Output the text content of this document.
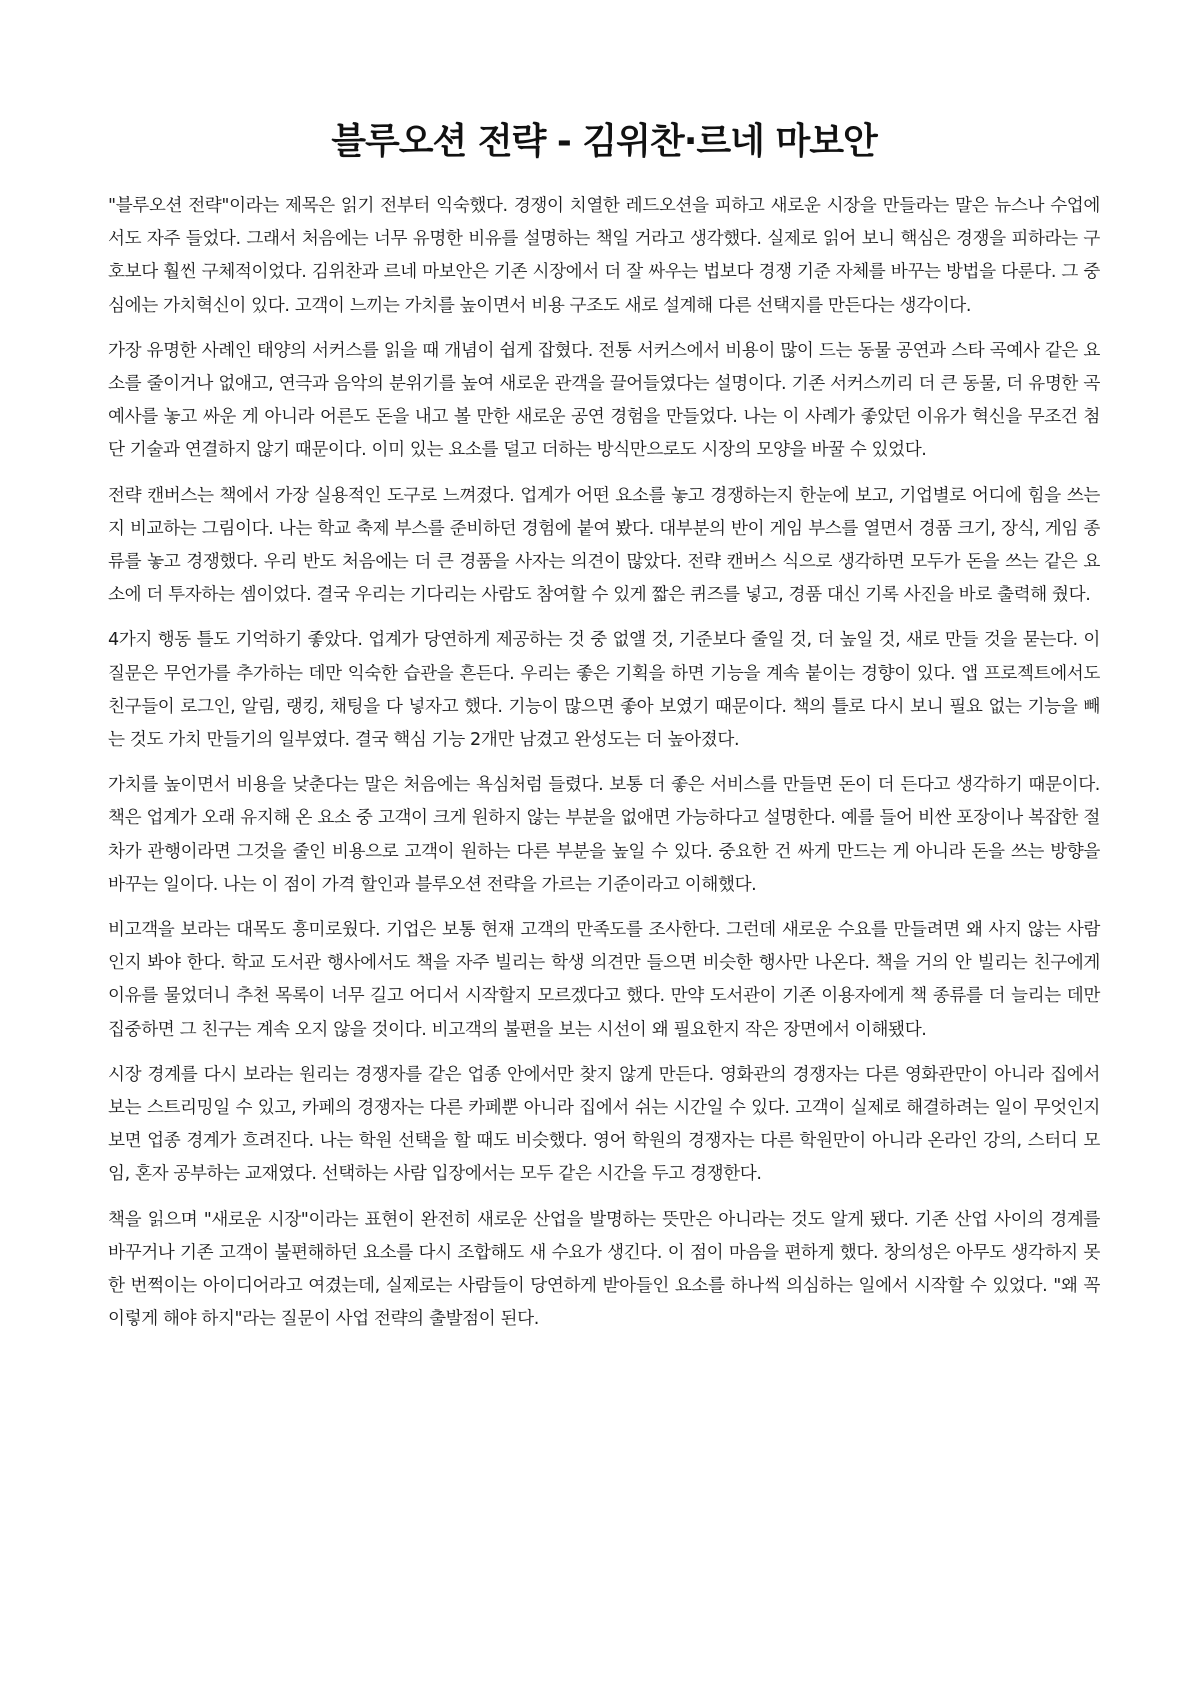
블루오션 전략 - 김위찬·르네 마보안

"블루오션 전략"이라는 제목은 읽기 전부터 익숙했다. 경쟁이 치열한 레드오션을 피하고 새로운 시장을 만들라는 말은 뉴스나 수업에서도 자주 들었다. 그래서 처음에는 너무 유명한 비유를 설명하는 책일 거라고 생각했다. 실제로 읽어 보니 핵심은 경쟁을 피하라는 구호보다 훨씬 구체적이었다. 김위찬과 르네 마보안은 기존 시장에서 더 잘 싸우는 법보다 경쟁 기준 자체를 바꾸는 방법을 다룬다. 그 중심에는 가치혁신이 있다. 고객이 느끼는 가치를 높이면서 비용 구조도 새로 설계해 다른 선택지를 만든다는 생각이다.

가장 유명한 사례인 태양의 서커스를 읽을 때 개념이 쉽게 잡혔다. 전통 서커스에서 비용이 많이 드는 동물 공연과 스타 곡예사 같은 요소를 줄이거나 없애고, 연극과 음악의 분위기를 높여 새로운 관객을 끌어들였다는 설명이다. 기존 서커스끼리 더 큰 동물, 더 유명한 곡예사를 놓고 싸운 게 아니라 어른도 돈을 내고 볼 만한 새로운 공연 경험을 만들었다. 나는 이 사례가 좋았던 이유가 혁신을 무조건 첨단 기술과 연결하지 않기 때문이다. 이미 있는 요소를 덜고 더하는 방식만으로도 시장의 모양을 바꿀 수 있었다.

전략 캔버스는 책에서 가장 실용적인 도구로 느껴졌다. 업계가 어떤 요소를 놓고 경쟁하는지 한눈에 보고, 기업별로 어디에 힘을 쓰는지 비교하는 그림이다. 나는 학교 축제 부스를 준비하던 경험에 붙여 봤다. 대부분의 반이 게임 부스를 열면서 경품 크기, 장식, 게임 종류를 놓고 경쟁했다. 우리 반도 처음에는 더 큰 경품을 사자는 의견이 많았다. 전략 캔버스 식으로 생각하면 모두가 돈을 쓰는 같은 요소에 더 투자하는 셈이었다. 결국 우리는 기다리는 사람도 참여할 수 있게 짧은 퀴즈를 넣고, 경품 대신 기록 사진을 바로 출력해 줬다.

4가지 행동 틀도 기억하기 좋았다. 업계가 당연하게 제공하는 것 중 없앨 것, 기준보다 줄일 것, 더 높일 것, 새로 만들 것을 묻는다. 이 질문은 무언가를 추가하는 데만 익숙한 습관을 흔든다. 우리는 좋은 기획을 하면 기능을 계속 붙이는 경향이 있다. 앱 프로젝트에서도 친구들이 로그인, 알림, 랭킹, 채팅을 다 넣자고 했다. 기능이 많으면 좋아 보였기 때문이다. 책의 틀로 다시 보니 필요 없는 기능을 빼는 것도 가치 만들기의 일부였다. 결국 핵심 기능 2개만 남겼고 완성도는 더 높아졌다.

가치를 높이면서 비용을 낮춘다는 말은 처음에는 욕심처럼 들렸다. 보통 더 좋은 서비스를 만들면 돈이 더 든다고 생각하기 때문이다. 책은 업계가 오래 유지해 온 요소 중 고객이 크게 원하지 않는 부분을 없애면 가능하다고 설명한다. 예를 들어 비싼 포장이나 복잡한 절차가 관행이라면 그것을 줄인 비용으로 고객이 원하는 다른 부분을 높일 수 있다. 중요한 건 싸게 만드는 게 아니라 돈을 쓰는 방향을 바꾸는 일이다. 나는 이 점이 가격 할인과 블루오션 전략을 가르는 기준이라고 이해했다.

비고객을 보라는 대목도 흥미로웠다. 기업은 보통 현재 고객의 만족도를 조사한다. 그런데 새로운 수요를 만들려면 왜 사지 않는 사람인지 봐야 한다. 학교 도서관 행사에서도 책을 자주 빌리는 학생 의견만 들으면 비슷한 행사만 나온다. 책을 거의 안 빌리는 친구에게 이유를 물었더니 추천 목록이 너무 길고 어디서 시작할지 모르겠다고 했다. 만약 도서관이 기존 이용자에게 책 종류를 더 늘리는 데만 집중하면 그 친구는 계속 오지 않을 것이다. 비고객의 불편을 보는 시선이 왜 필요한지 작은 장면에서 이해됐다.

시장 경계를 다시 보라는 원리는 경쟁자를 같은 업종 안에서만 찾지 않게 만든다. 영화관의 경쟁자는 다른 영화관만이 아니라 집에서 보는 스트리밍일 수 있고, 카페의 경쟁자는 다른 카페뿐 아니라 집에서 쉬는 시간일 수 있다. 고객이 실제로 해결하려는 일이 무엇인지 보면 업종 경계가 흐려진다. 나는 학원 선택을 할 때도 비슷했다. 영어 학원의 경쟁자는 다른 학원만이 아니라 온라인 강의, 스터디 모임, 혼자 공부하는 교재였다. 선택하는 사람 입장에서는 모두 같은 시간을 두고 경쟁한다.

책을 읽으며 "새로운 시장"이라는 표현이 완전히 새로운 산업을 발명하는 뜻만은 아니라는 것도 알게 됐다. 기존 산업 사이의 경계를 바꾸거나 기존 고객이 불편해하던 요소를 다시 조합해도 새 수요가 생긴다. 이 점이 마음을 편하게 했다. 창의성은 아무도 생각하지 못한 번쩍이는 아이디어라고 여겼는데, 실제로는 사람들이 당연하게 받아들인 요소를 하나씩 의심하는 일에서 시작할 수 있었다. "왜 꼭 이렇게 해야 하지"라는 질문이 사업 전략의 출발점이 된다.
